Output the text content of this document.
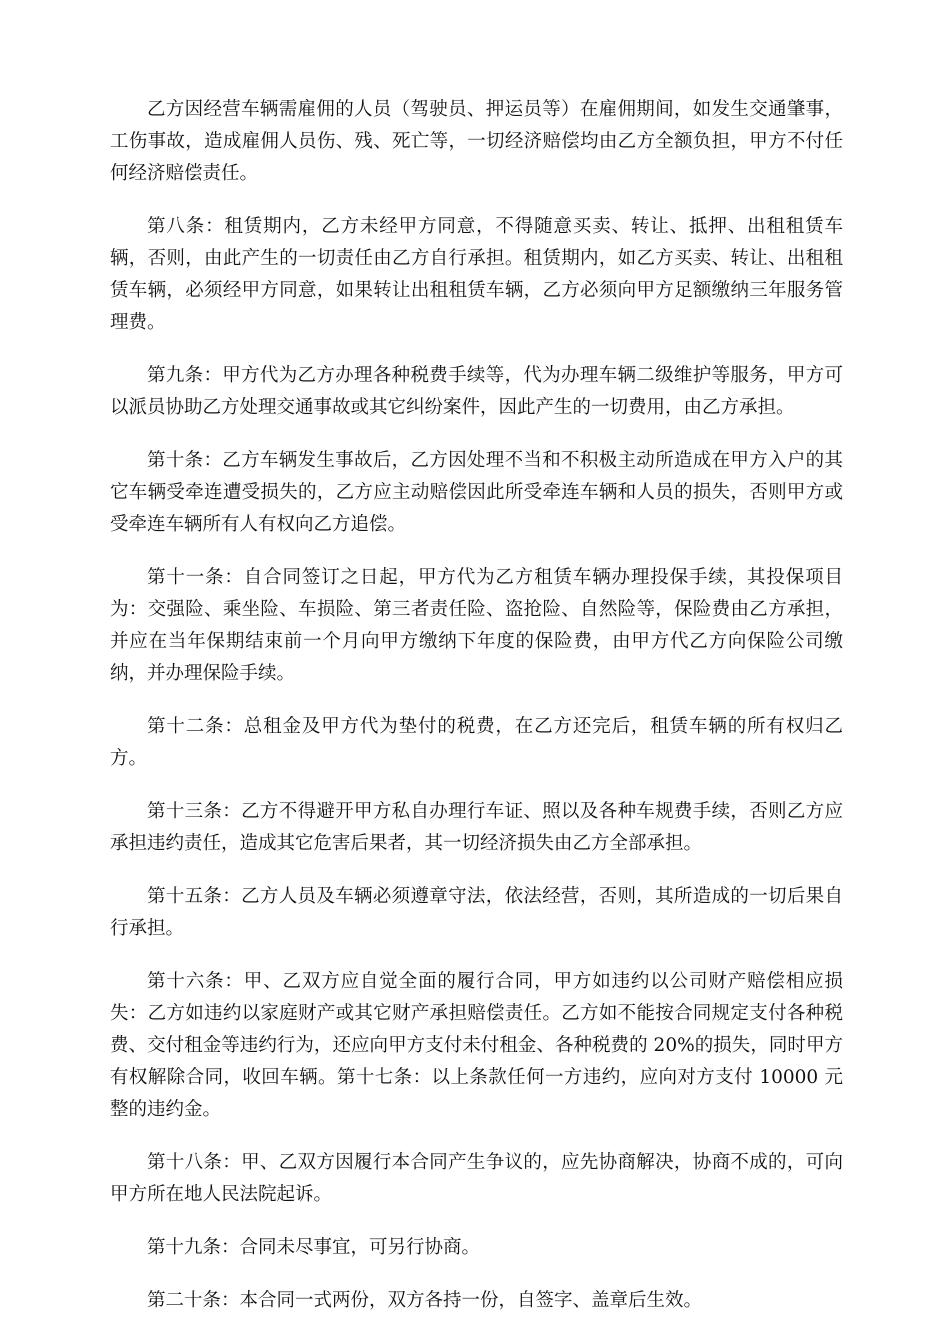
乙方因经营车辆需雇佣的人员（驾驶员、押运员等）在雇佣期间，如发生交通肇事，工伤事故，造成雇佣人员伤、残、死亡等，一切经济赔偿均由乙方全额负担，甲方不付任何经济赔偿责任。

第八条：租赁期内，乙方未经甲方同意，不得随意买卖、转让、抵押、出租租赁车辆，否则，由此产生的一切责任由乙方自行承担。租赁期内，如乙方买卖、转让、出租租赁车辆，必须经甲方同意，如果转让出租租赁车辆，乙方必须向甲方足额缴纳三年服务管理费。

第九条：甲方代为乙方办理各种税费手续等，代为办理车辆二级维护等服务，甲方可以派员协助乙方处理交通事故或其它纠纷案件，因此产生的一切费用，由乙方承担。

第十条：乙方车辆发生事故后，乙方因处理不当和不积极主动所造成在甲方入户的其它车辆受牵连遭受损失的，乙方应主动赔偿因此所受牵连车辆和人员的损失，否则甲方或受牵连车辆所有人有权向乙方追偿。

第十一条：自合同签订之日起，甲方代为乙方租赁车辆办理投保手续，其投保项目为：交强险、乘坐险、车损险、第三者责任险、盗抢险、自然险等，保险费由乙方承担，并应在当年保期结束前一个月向甲方缴纳下年度的保险费，由甲方代乙方向保险公司缴纳，并办理保险手续。

第十二条：总租金及甲方代为垫付的税费，在乙方还完后，租赁车辆的所有权归乙方。

第十三条：乙方不得避开甲方私自办理行车证、照以及各种车规费手续，否则乙方应承担违约责任，造成其它危害后果者，其一切经济损失由乙方全部承担。

第十五条：乙方人员及车辆必须遵章守法，依法经营，否则，其所造成的一切后果自行承担。

第十六条：甲、乙双方应自觉全面的履行合同，甲方如违约以公司财产赔偿相应损失：乙方如违约以家庭财产或其它财产承担赔偿责任。乙方如不能按合同规定支付各种税费、交付租金等违约行为，还应向甲方支付未付租金、各种税费的 20%的损失，同时甲方有权解除合同，收回车辆。第十七条：以上条款任何一方违约，应向对方支付 10000 元整的违约金。

第十八条：甲、乙双方因履行本合同产生争议的，应先协商解决，协商不成的，可向甲方所在地人民法院起诉。

第十九条：合同未尽事宜，可另行协商。

第二十条：本合同一式两份，双方各持一份，自签字、盖章后生效。
